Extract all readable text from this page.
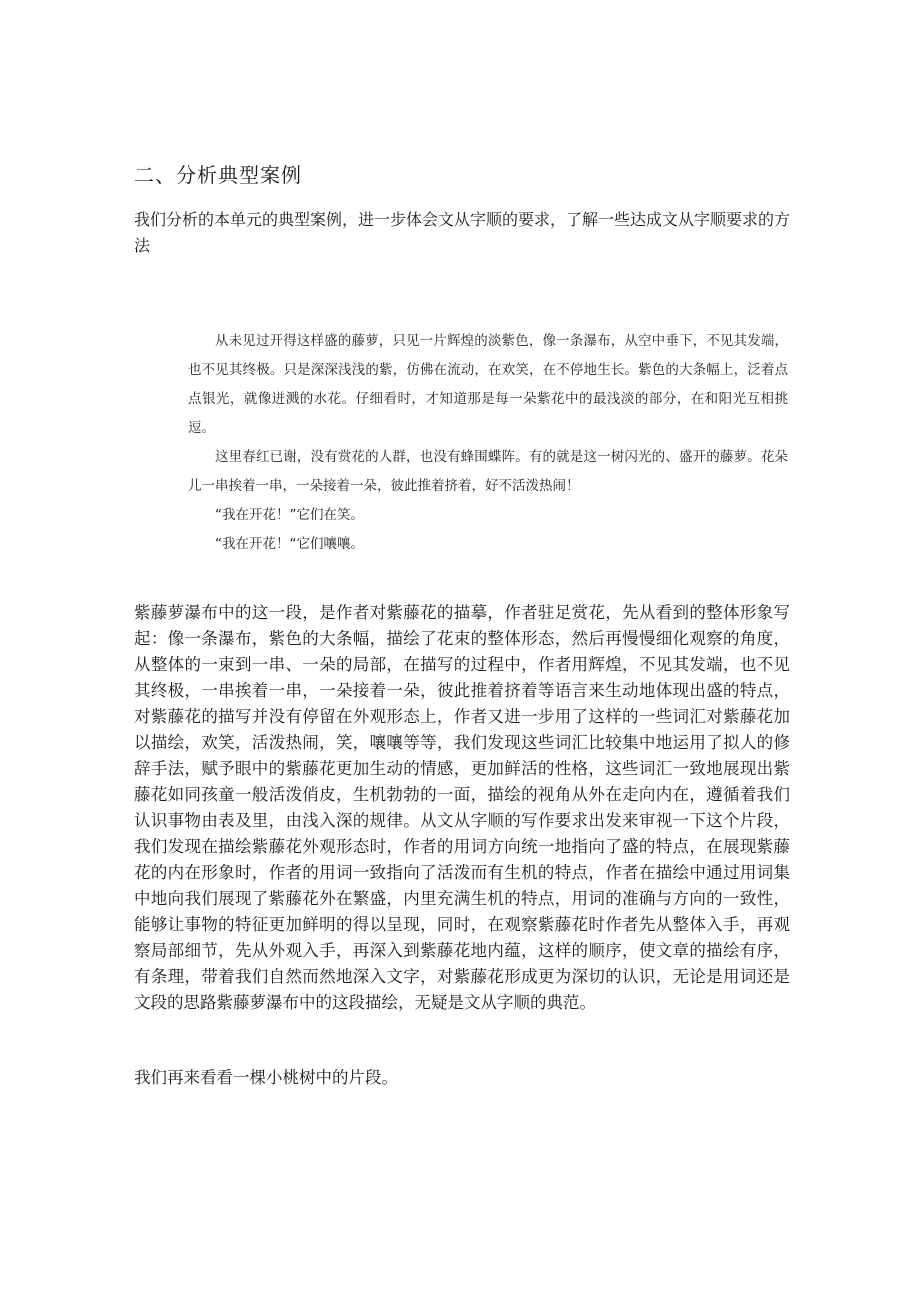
二、分析典型案例

我们分析的本单元的典型案例，进一步体会文从字顺的要求，了解一些达成文从字顺要求的方法

从未见过开得这样盛的藤萝，只见一片辉煌的淡紫色，像一条瀑布，从空中垂下，不见其发端，也不见其终极。只是深深浅浅的紫，仿佛在流动，在欢笑，在不停地生长。紫色的大条幅上，泛着点点银光，就像迸溅的水花。仔细看时，才知道那是每一朵紫花中的最浅淡的部分，在和阳光互相挑逗。

这里春红已谢，没有赏花的人群，也没有蜂围蝶阵。有的就是这一树闪光的、盛开的藤萝。花朵儿一串挨着一串，一朵接着一朵，彼此推着挤着，好不活泼热闹！

“我在开花！”它们在笑。

“我在开花！“它们嚷嚷。

紫藤萝瀑布中的这一段，是作者对紫藤花的描摹，作者驻足赏花，先从看到的整体形象写起：像一条瀑布，紫色的大条幅，描绘了花束的整体形态，然后再慢慢细化观察的角度，从整体的一束到一串、一朵的局部，在描写的过程中，作者用辉煌，不见其发端，也不见其终极，一串挨着一串，一朵接着一朵，彼此推着挤着等语言来生动地体现出盛的特点，对紫藤花的描写并没有停留在外观形态上，作者又进一步用了这样的一些词汇对紫藤花加以描绘，欢笑，活泼热闹，笑，嚷嚷等等，我们发现这些词汇比较集中地运用了拟人的修辞手法，赋予眼中的紫藤花更加生动的情感，更加鲜活的性格，这些词汇一致地展现出紫藤花如同孩童一般活泼俏皮，生机勃勃的一面，描绘的视角从外在走向内在，遵循着我们认识事物由表及里，由浅入深的规律。从文从字顺的写作要求出发来审视一下这个片段，我们发现在描绘紫藤花外观形态时，作者的用词方向统一地指向了盛的特点，在展现紫藤花的内在形象时，作者的用词一致指向了活泼而有生机的特点，作者在描绘中通过用词集中地向我们展现了紫藤花外在繁盛，内里充满生机的特点，用词的准确与方向的一致性，能够让事物的特征更加鲜明的得以呈现，同时，在观察紫藤花时作者先从整体入手，再观察局部细节，先从外观入手，再深入到紫藤花地内蕴，这样的顺序，使文章的描绘有序，有条理，带着我们自然而然地深入文字，对紫藤花形成更为深切的认识，无论是用词还是文段的思路紫藤萝瀑布中的这段描绘，无疑是文从字顺的典范。

我们再来看看一棵小桃树中的片段。
